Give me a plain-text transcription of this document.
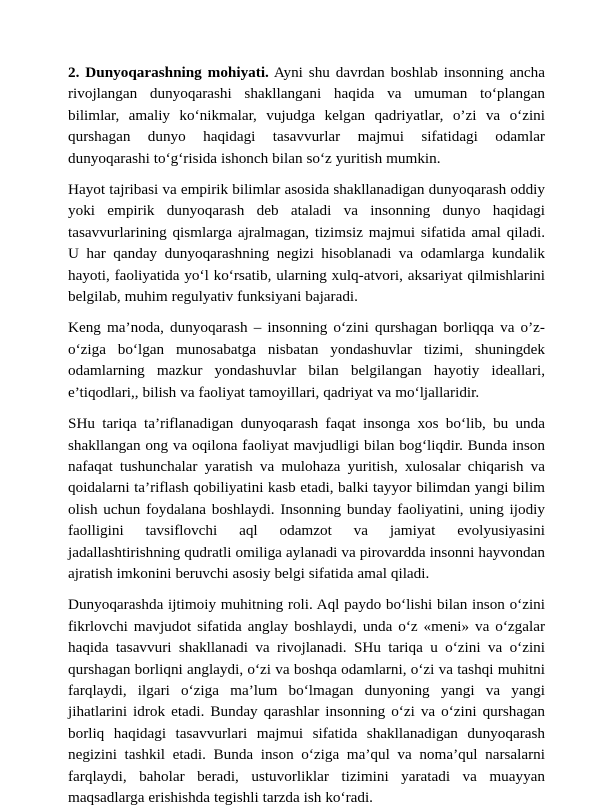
2. Dunyoqarashning mohiyati. Ayni shu davrdan boshlab insonning ancha rivojlangan dunyoqarashi shakllangani haqida va umuman to‘plangan bilimlar, amaliy ko‘nikmalar, vujudga kelgan qadriyatlar, o’zi va o‘zini qurshagan dunyo haqidagi tasavvurlar majmui sifatidagi odamlar dunyoqarashi to‘g‘risida ishonch bilan so‘z yuritish mumkin.

Hayot tajribasi va empirik bilimlar asosida shakllanadigan dunyoqarash oddiy yoki empirik dunyoqarash deb ataladi va insonning dunyo haqidagi tasavvurlarining qismlarga ajralmagan, tizimsiz majmui sifatida amal qiladi. U har qanday dunyoqarashning negizi hisoblanadi va odamlarga kundalik hayoti, faoliyatida yo‘l ko‘rsatib, ularning xulq-atvori, aksariyat qilmishlarini belgilab, muhim regulyativ funksiyani bajaradi.

Keng ma’noda, dunyoqarash – insonning o‘zini qurshagan borliqqa va o’z-o‘ziga bo‘lgan munosabatga nisbatan yondashuvlar tizimi, shuningdek odamlarning mazkur yondashuvlar bilan belgilangan hayotiy ideallari, e’tiqodlari,, bilish va faoliyat tamoyillari, qadriyat va mo‘ljallaridir.

SHu tariqa ta’riflanadigan dunyoqarash faqat insonga xos bo‘lib, bu unda shakllangan ong va oqilona faoliyat mavjudligi bilan bog‘liqdir. Bunda inson nafaqat tushunchalar yaratish va mulohaza yuritish, xulosalar chiqarish va qoidalarni ta’riflash qobiliyatini kasb etadi, balki tayyor bilimdan yangi bilim olish uchun foydalana boshlaydi. Insonning bunday faoliyatini, uning ijodiy faolligini tavsiflovchi aql odamzot va jamiyat evolyusiyasini jadallashtirishning qudratli omiliga aylanadi va pirovardda insonni hayvondan ajratish imkonini beruvchi asosiy belgi sifatida amal qiladi.

Dunyoqarashda ijtimoiy muhitning roli. Aql paydo bo‘lishi bilan inson o‘zini fikrlovchi mavjudot sifatida anglay boshlaydi, unda o‘z «meni» va o‘zgalar haqida tasavvuri shakllanadi va rivojlanadi. SHu tariqa u o‘zini va o‘zini qurshagan borliqni anglaydi, o‘zi va boshqa odamlarni, o‘zi va tashqi muhitni farqlaydi, ilgari o‘ziga ma’lum bo‘lmagan dunyoning yangi va yangi jihatlarini idrok etadi. Bunday qarashlar insonning o‘zi va o‘zini qurshagan borliq haqidagi tasavvurlari majmui sifatida shakllanadigan dunyoqarash negizini tashkil etadi. Bunda inson o‘ziga ma’qul va noma’qul narsalarni farqlaydi, baholar beradi, ustuvorliklar tizimini yaratadi va muayyan maqsadlarga erishishda tegishli tarzda ish ko‘radi.
